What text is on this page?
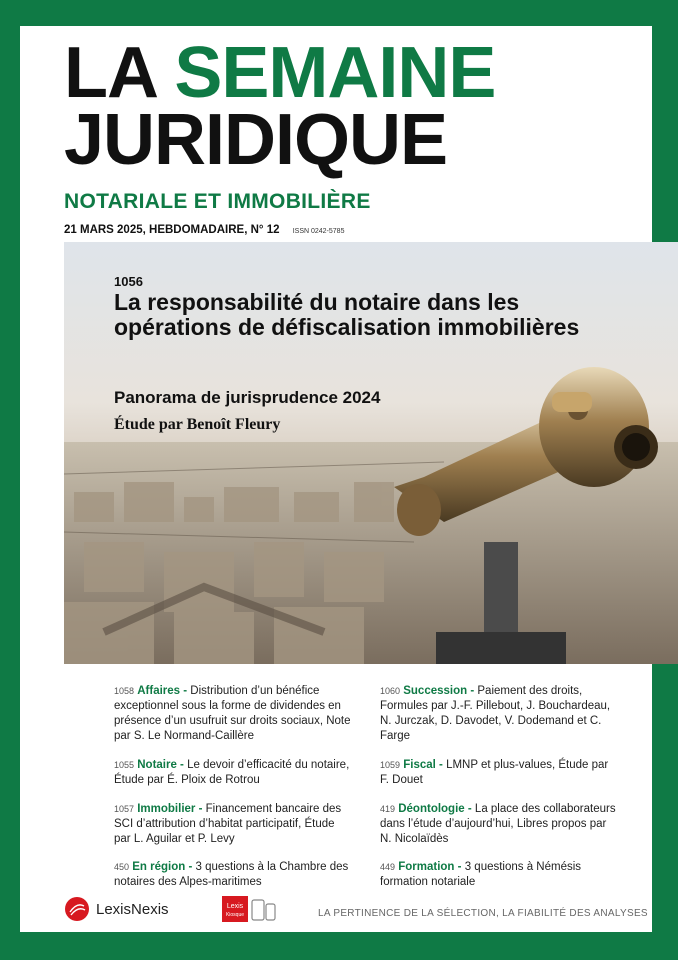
LA SEMAINE
JURIDIQUE
NOTARIALE ET IMMOBILIÈRE
21 MARS 2025, HEBDOMADAIRE, N° 12 ISSN 0242-5785
1056
La responsabilité du notaire dans les opérations de défiscalisation immobilières
Panorama de jurisprudence 2024
Étude par Benoît Fleury
1058 Affaires - Distribution d’un bénéfice exceptionnel sous la forme de dividendes en présence d’un usufruit sur droits sociaux, Note par S. Le Normand-Caillère
1055 Notaire - Le devoir d’efficacité du notaire, Étude par É. Ploix de Rotrou
1057 Immobilier - Financement bancaire des SCI d’attribution d’habitat participatif, Étude par L. Aguilar et P. Levy
450 En région - 3 questions à la Chambre des notaires des Alpes-maritimes
1060 Succession - Paiement des droits, Formules par J.-F. Pillebout, J. Bouchardeau, N. Jurczak, D. Davodet, V. Dodemand et C. Farge
1059 Fiscal - LMNP et plus-values, Étude par F. Douet
419 Déontologie - La place des collaborateurs dans l’étude d’aujourd’hui, Libres propos par N. Nicolaïdès
449 Formation - 3 questions à Némésis formation notariale
LexisNexis	Lexis
Kiosque	LA PERTINENCE DE LA SÉLECTION, LA FIABILITÉ DES ANALYSES
